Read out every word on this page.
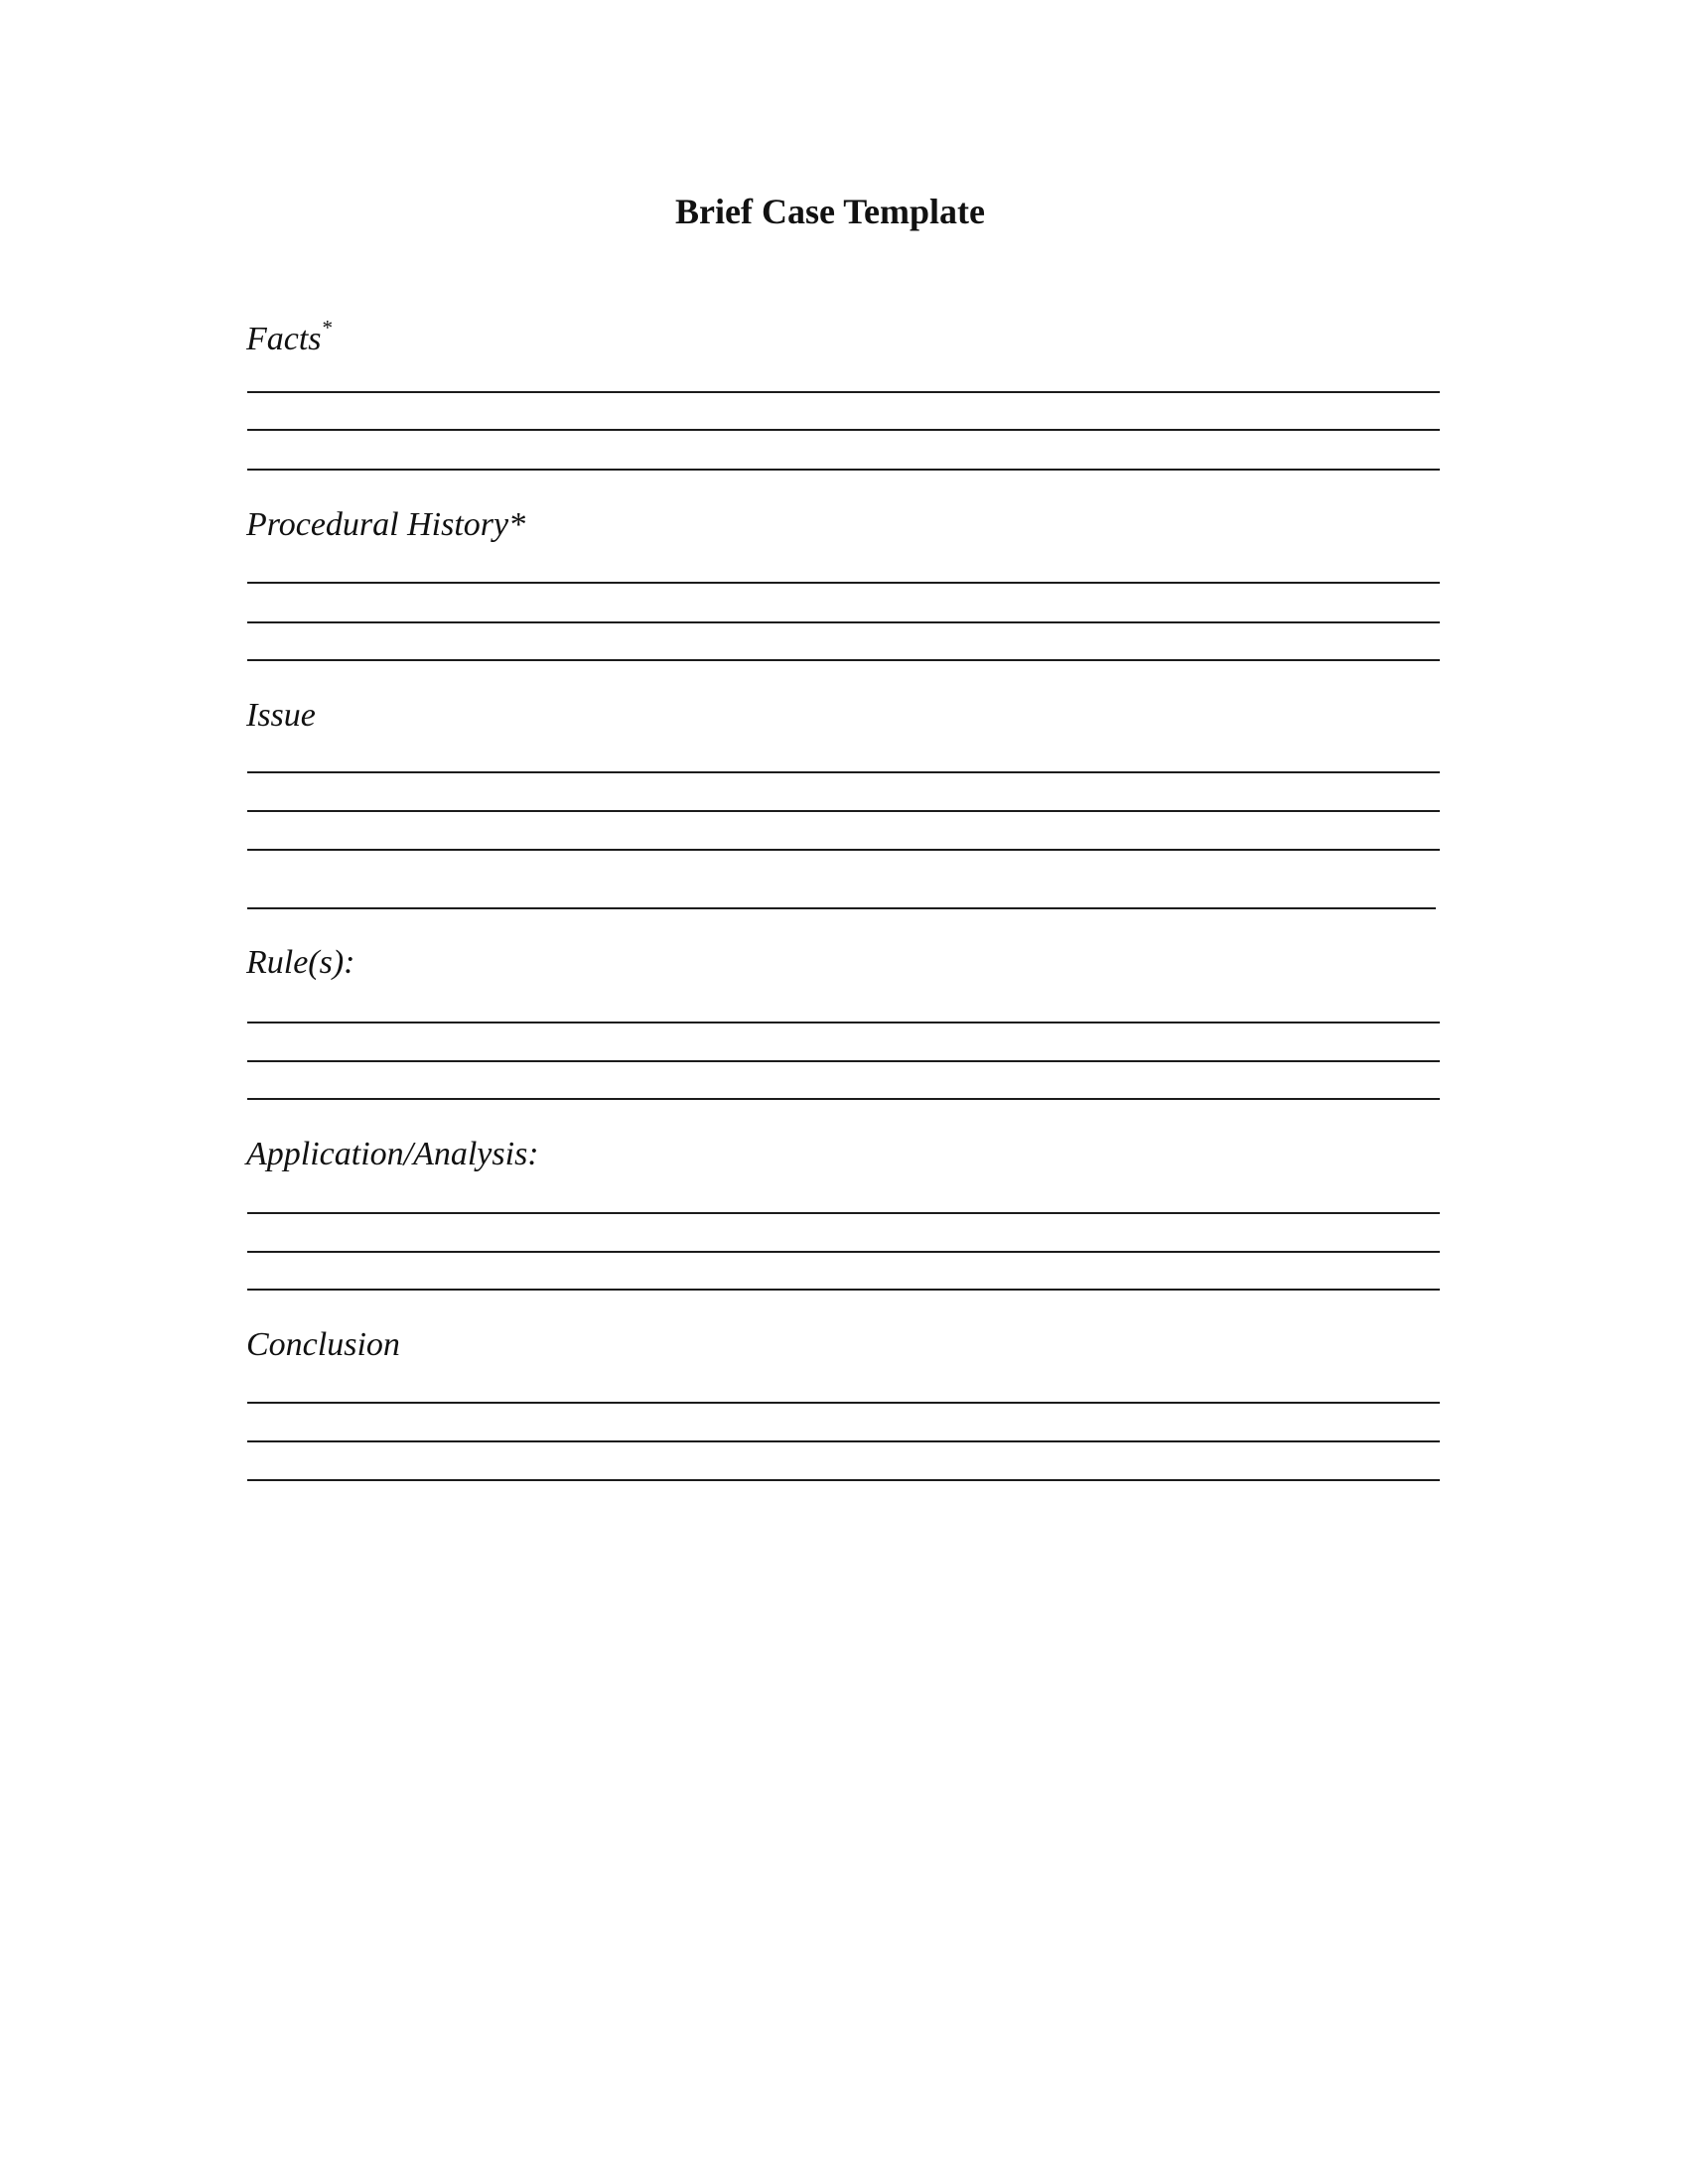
Brief Case Template
Facts*
Procedural History*
Issue
Rule(s):
Application/Analysis:
Conclusion
